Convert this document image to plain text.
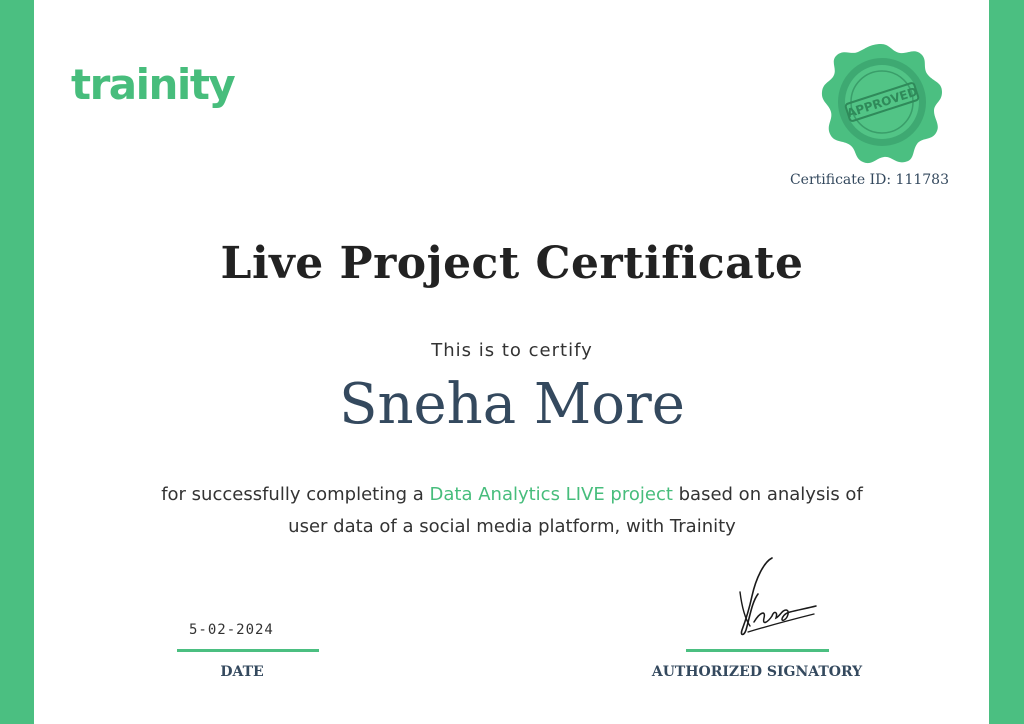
trainity	APPROVED
Certificate ID: 111783
Live Project Certificate
This is to certify
Sneha More
for successfully completing a Data Analytics LIVE project based on analysis of user data of a social media platform, with Trainity
5-02-2024
DATE	AUTHORIZED SIGNATORY
